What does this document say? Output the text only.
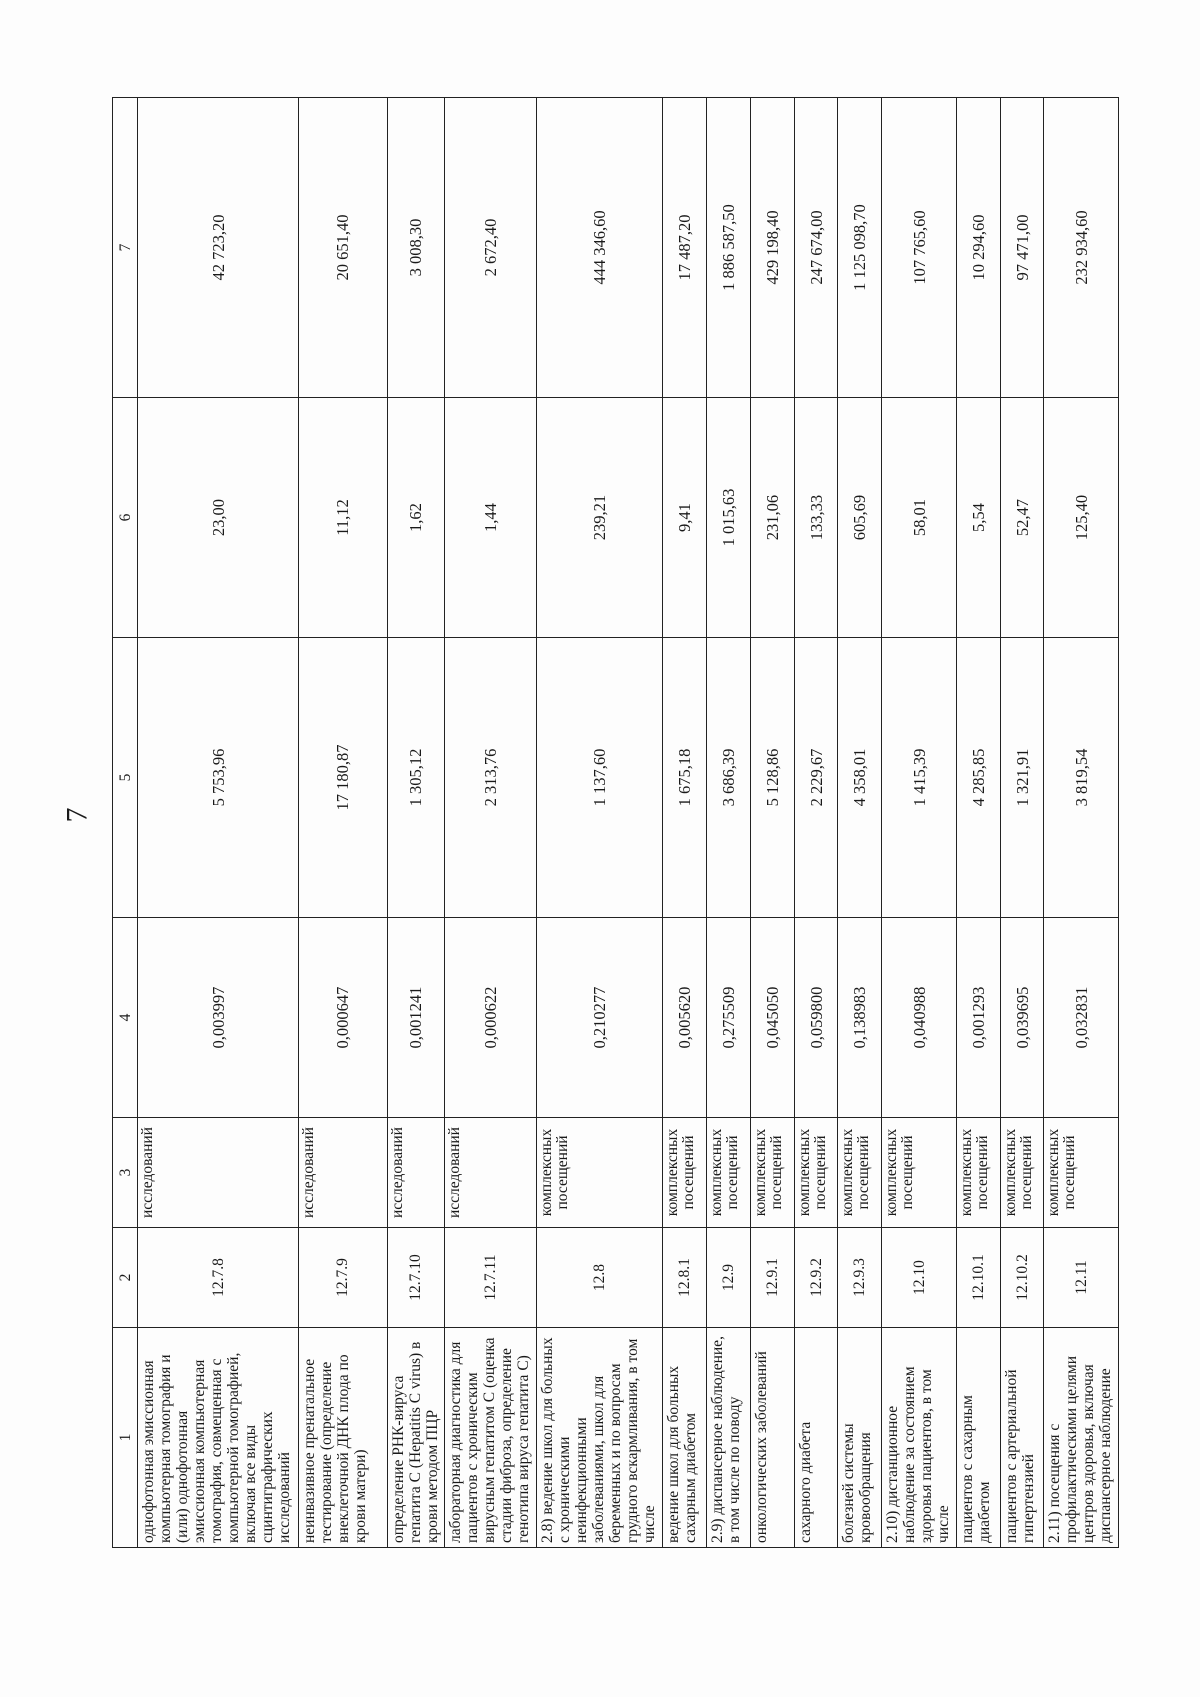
7
1	2	3	4	5	6	7
однофотонная эмиссионная компьютерная томография и (или) однофотонная эмиссионная компьютерная томография, совмещенная с компьютерной томографией, включая все виды сцинтиграфических исследований	12.7.8	исследований	0,003997	5 753,96	23,00	42 723,20
неинвазивное пренатальное тестирование (определение внеклеточной ДНК плода по крови матери)	12.7.9	исследований	0,000647	17 180,87	11,12	20 651,40
определение РНК-вируса гепатита С (Hepatitis C virus) в крови методом ПЦР	12.7.10	исследований	0,001241	1 305,12	1,62	3 008,30
лабораторная диагностика для пациентов с хроническим вирусным гепатитом С (оценка стадии фиброза, определение генотипа вируса гепатита С)	12.7.11	исследований	0,000622	2 313,76	1,44	2 672,40
2.8) ведение школ для больных с хроническими неинфекционными заболеваниями, школ для беременных и по вопросам грудного вскармливания, в том числе	12.8	комплексных посещений	0,210277	1 137,60	239,21	444 346,60
ведение школ для больных сахарным диабетом	12.8.1	комплексных посещений	0,005620	1 675,18	9,41	17 487,20
2.9) диспансерное наблюдение, в том числе по поводу	12.9	комплексных посещений	0,275509	3 686,39	1 015,63	1 886 587,50
онкологических заболеваний	12.9.1	комплексных посещений	0,045050	5 128,86	231,06	429 198,40
сахарного диабета	12.9.2	комплексных посещений	0,059800	2 229,67	133,33	247 674,00
болезней системы кровообращения	12.9.3	комплексных посещений	0,138983	4 358,01	605,69	1 125 098,70
2.10) дистанционное наблюдение за состоянием здоровья пациентов, в том числе	12.10	комплексных посещений	0,040988	1 415,39	58,01	107 765,60
пациентов с сахарным диабетом	12.10.1	комплексных посещений	0,001293	4 285,85	5,54	10 294,60
пациентов с артериальной гипертензией	12.10.2	комплексных посещений	0,039695	1 321,91	52,47	97 471,00
2.11) посещения с профилактическими целями центров здоровья, включая диспансерное наблюдение	12.11	комплексных посещений	0,032831	3 819,54	125,40	232 934,60
